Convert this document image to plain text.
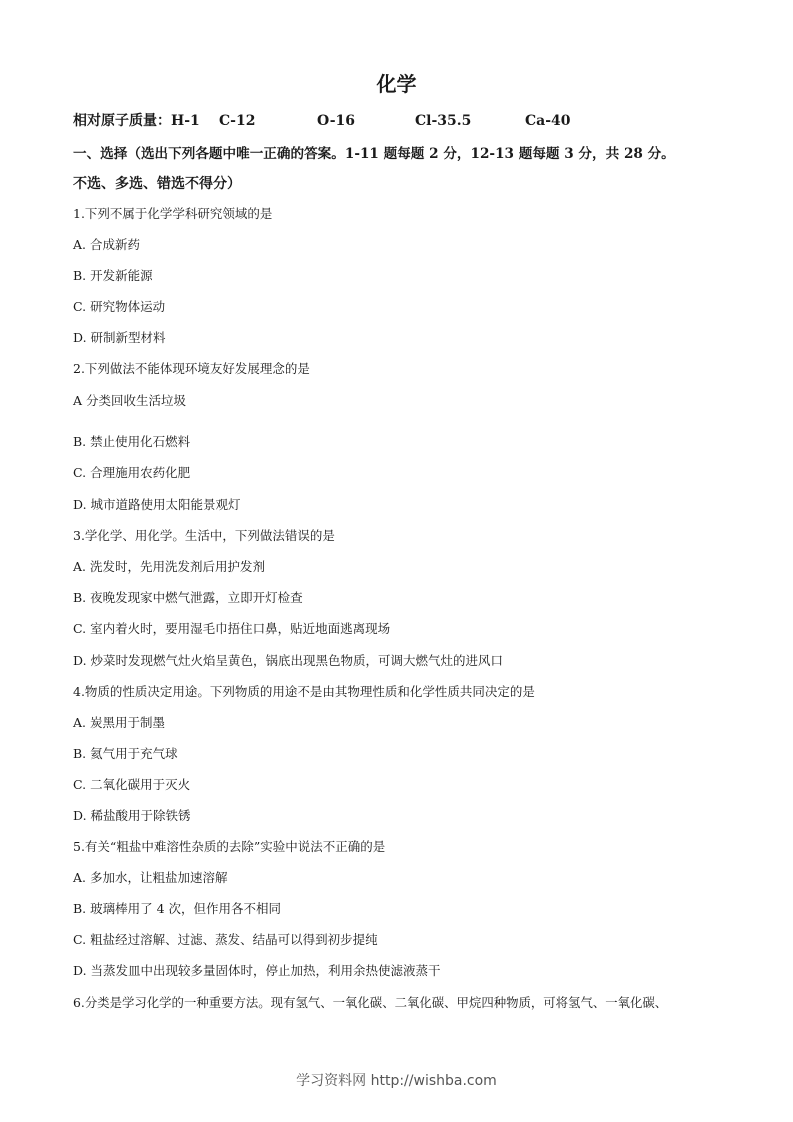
化学
相对原子质量：H-1 C-12	O-16	Cl-35.5	Ca-40
一、选择（选出下列各题中唯一正确的答案。1-11 题每题 2 分，12-13 题每题 3 分，共 28 分。
不选、多选、错选不得分）
1.下列不属于化学学科研究领域的是
A. 合成新药
B. 开发新能源
C. 研究物体运动
D. 研制新型材料
2.下列做法不能体现环境友好发展理念的是
A 分类回收生活垃圾
B. 禁止使用化石燃料
C. 合理施用农药化肥
D. 城市道路使用太阳能景观灯
3.学化学、用化学。生活中，下列做法错误的是
A. 洗发时，先用洗发剂后用护发剂
B. 夜晚发现家中燃气泄露，立即开灯检查
C. 室内着火时，要用湿毛巾捂住口鼻，贴近地面逃离现场
D. 炒菜时发现燃气灶火焰呈黄色，锅底出现黑色物质，可调大燃气灶的进风口
4.物质的性质决定用途。下列物质的用途不是由其物理性质和化学性质共同决定的是
A. 炭黑用于制墨
B. 氦气用于充气球
C. 二氧化碳用于灭火
D. 稀盐酸用于除铁锈
5.有关“粗盐中难溶性杂质的去除”实验中说法不正确的是
A. 多加水，让粗盐加速溶解
B. 玻璃棒用了 4 次，但作用各不相同
C. 粗盐经过溶解、过滤、蒸发、结晶可以得到初步提纯
D. 当蒸发皿中出现较多量固体时，停止加热，利用余热使滤液蒸干
6.分类是学习化学的一种重要方法。现有氢气、一氧化碳、二氧化碳、甲烷四种物质，可将氢气、一氧化碳、
学习资料网 http://wishba.com
